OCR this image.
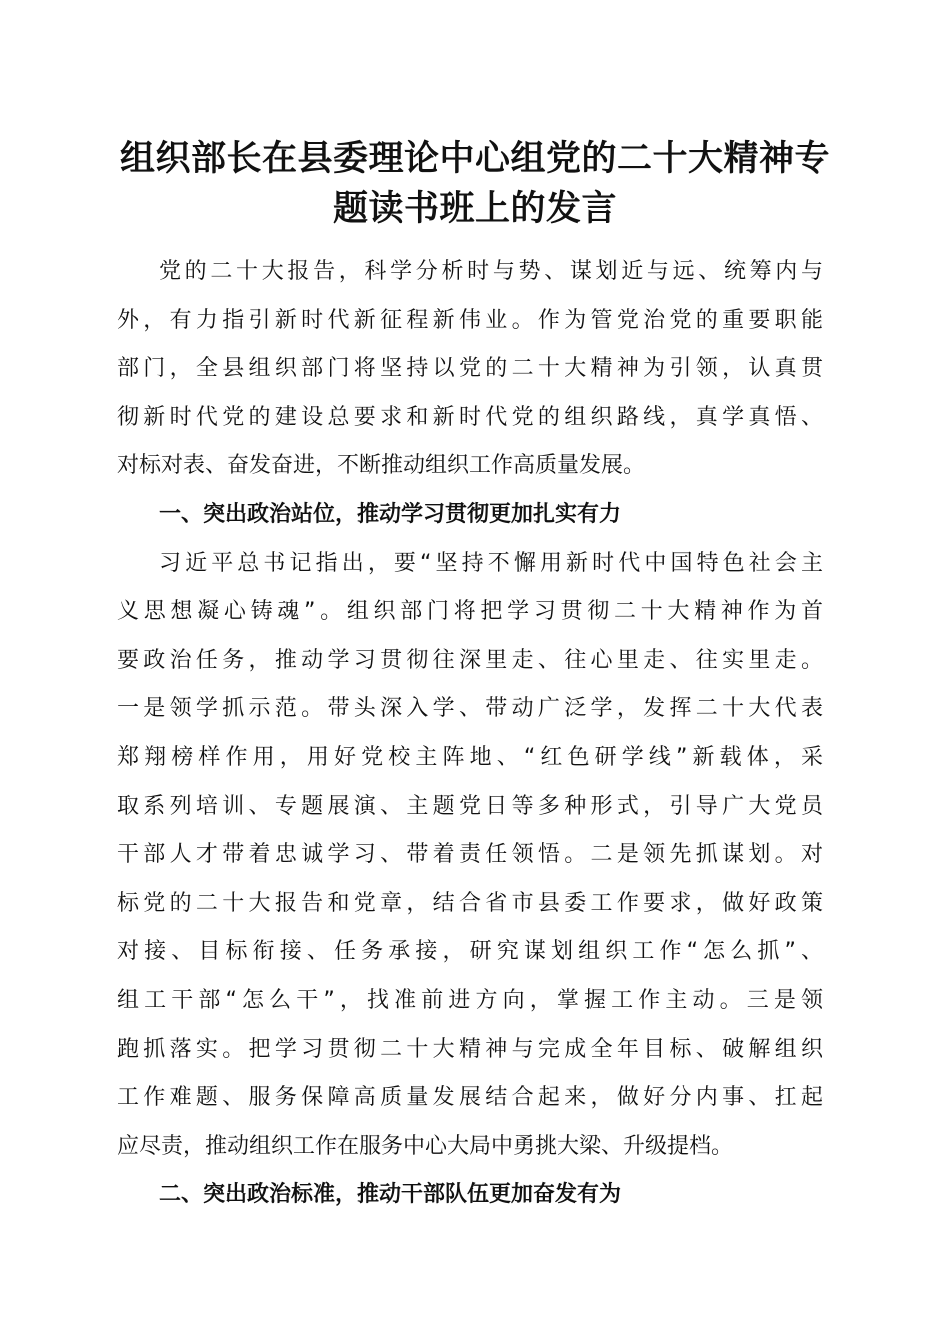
组织部长在县委理论中心组党的二十大精神专
题读书班上的发言
党的二十大报告，科学分析时与势、谋划近与远、统筹内与
外，有力指引新时代新征程新伟业。作为管党治党的重要职能
部门，全县组织部门将坚持以党的二十大精神为引领，认真贯
彻新时代党的建设总要求和新时代党的组织路线，真学真悟、
对标对表、奋发奋进，不断推动组织工作高质量发展。
一、突出政治站位，推动学习贯彻更加扎实有力
习近平总书记指出，要“坚持不懈用新时代中国特色社会主
义思想凝心铸魂”。组织部门将把学习贯彻二十大精神作为首
要政治任务，推动学习贯彻往深里走、往心里走、往实里走。
一是领学抓示范。带头深入学、带动广泛学，发挥二十大代表
郑翔榜样作用，用好党校主阵地、“红色研学线”新载体，采
取系列培训、专题展演、主题党日等多种形式，引导广大党员
干部人才带着忠诚学习、带着责任领悟。二是领先抓谋划。对
标党的二十大报告和党章，结合省市县委工作要求，做好政策
对接、目标衔接、任务承接，研究谋划组织工作“怎么抓”、
组工干部“怎么干”，找准前进方向，掌握工作主动。三是领
跑抓落实。把学习贯彻二十大精神与完成全年目标、破解组织
工作难题、服务保障高质量发展结合起来，做好分内事、扛起
应尽责，推动组织工作在服务中心大局中勇挑大梁、升级提档。
二、突出政治标准，推动干部队伍更加奋发有为
